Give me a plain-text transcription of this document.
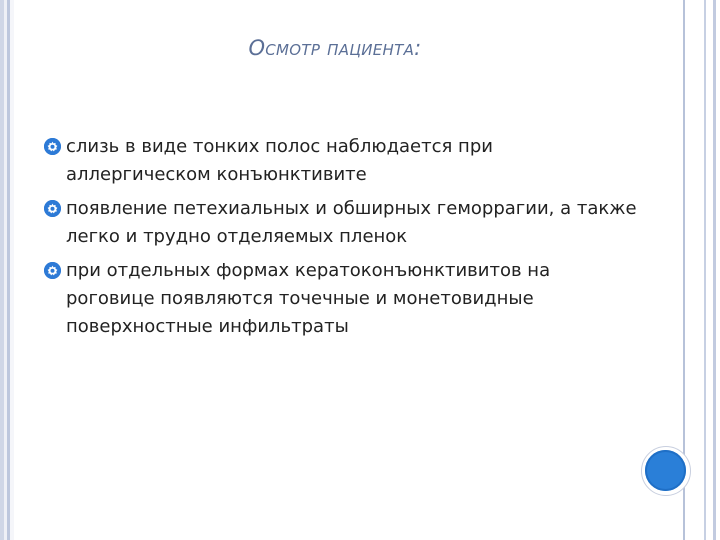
Осмотр пациента:
слизь в виде тонких полос наблюдается при аллергическом конъюнктивите
появление петехиальных и обширных геморрагии, а также легко и трудно отделяемых пленок
при отдельных формах кератоконъюнктивитов на роговице появляются точечные и монетовидные поверхностные инфильтраты
